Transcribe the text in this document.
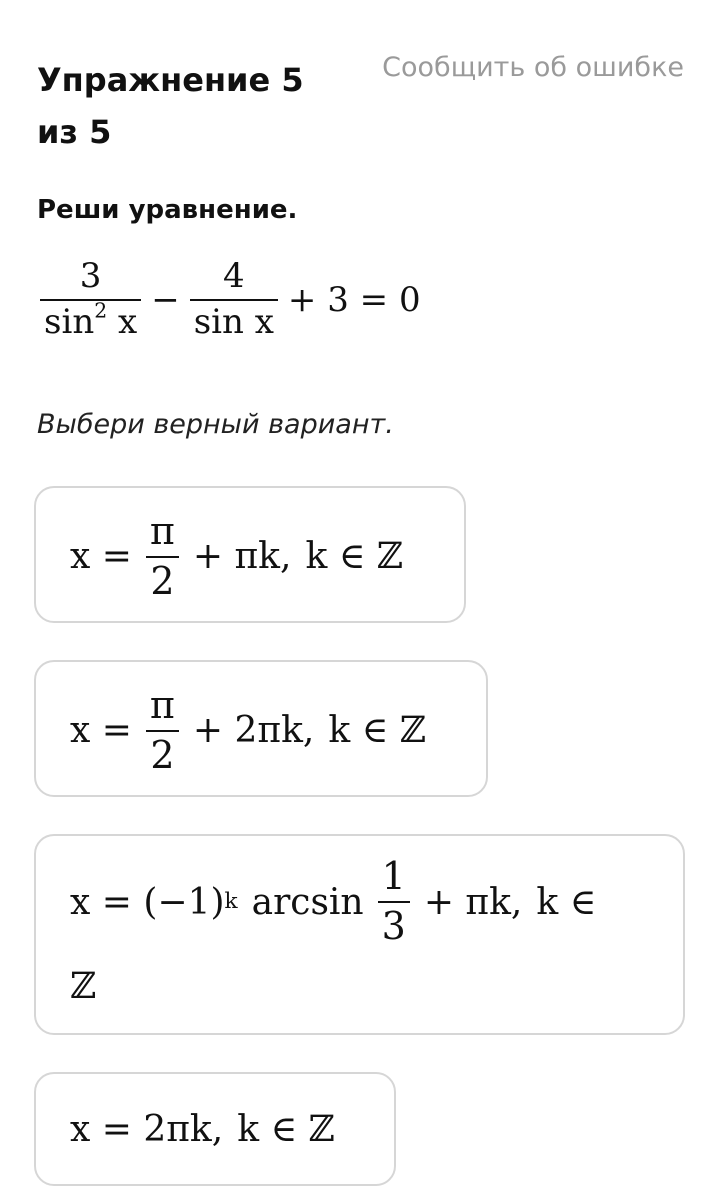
Упражнение 5
из 5
Сообщить об ошибке
Реши уравнение.
$\frac{3}{\sin^2 x} - \frac{4}{\text{sin x}} + 3 = 0$
Выбери верный вариант.
$x = \frac{\pi}{2} + \pi k$, k ∈ ℤ
$x = \frac{\pi}{2} + 2\pi k$, k ∈ ℤ
x = (−1) k $\arcsin \frac{1}{3} + \pi k$, k ∈
ℤ
x = 2πk, k ∈ ℤ
